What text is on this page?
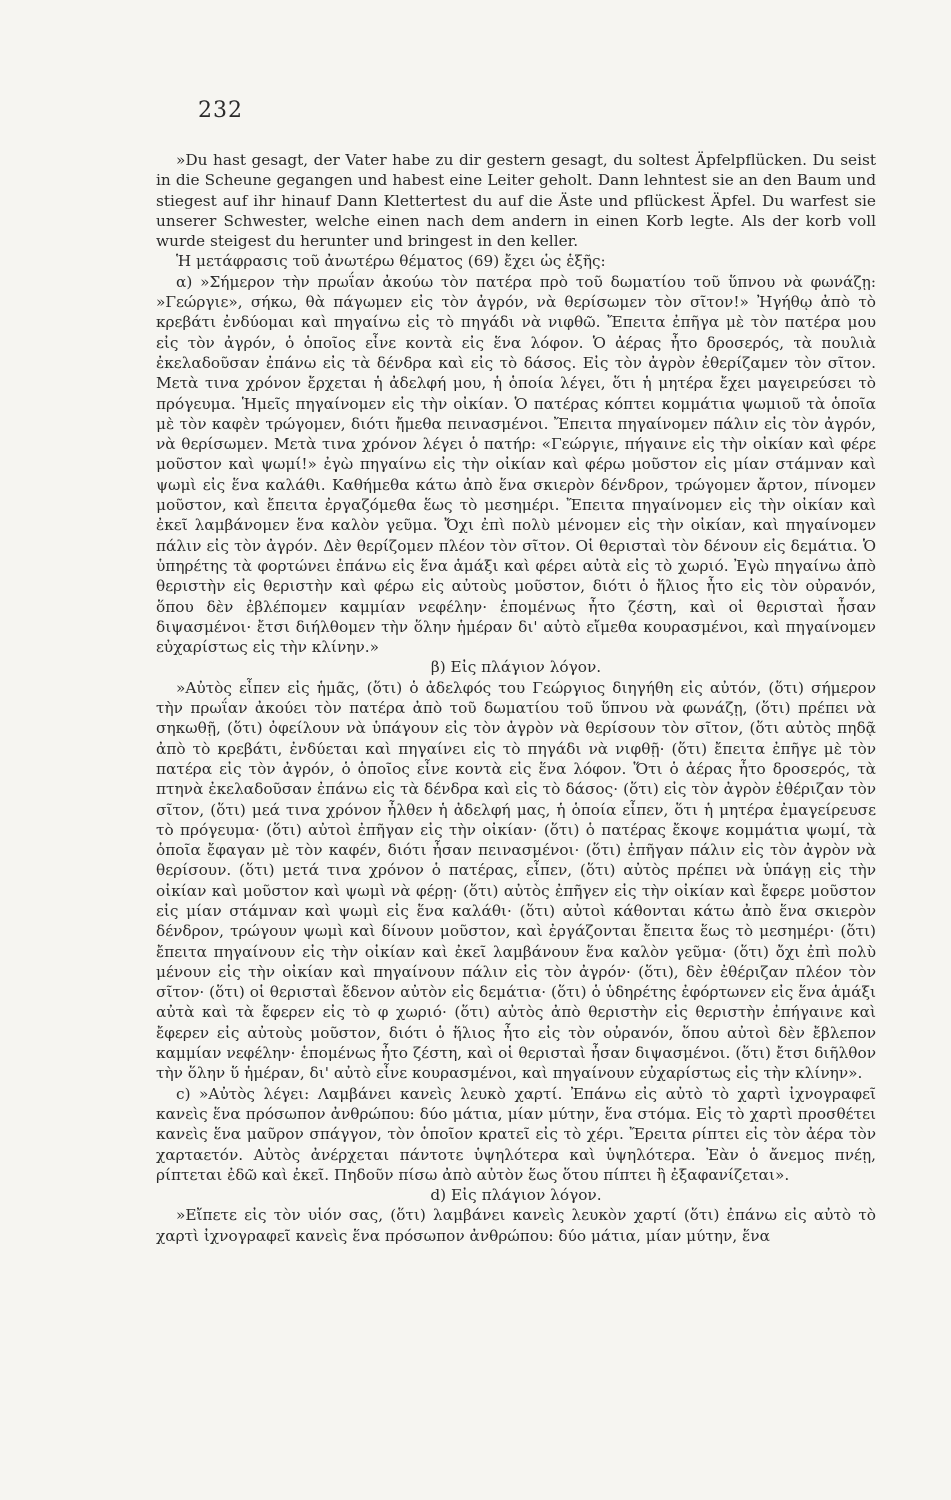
232

»Du hast gesagt, der Vater habe zu dir gestern gesagt, du soltest Äpfelpflücken. Du seist in die Scheune gegangen und habest eine Leiter geholt. Dann lehntest sie an den Baum und stiegest auf ihr hinauf Dann Klettertest du auf die Äste und pflückest Äpfel. Du warfest sie unserer Schwester, welche einen nach dem andern in einen Korb legte. Als der korb voll wurde steigest du herunter und bringest in den keller.

Ἡ μετάφρασις τοῦ ἀνωτέρω θέματος (69) ἔχει ὡς ἑξῆς:

α) »Σήμερον τὴν πρωΐαν ἀκούω τὸν πατέρα πρὸ τοῦ δωματίου τοῦ ὕπνου νὰ φωνάζῃ: »Γεώργιε», σήκω, θὰ πάγωμεν εἰς τὸν ἀγρόν, νὰ θερίσωμεν τὸν σῖτον!» Ἠγήθῳ ἀπὸ τὸ κρεβάτι ἐνδύομαι καὶ πηγαίνω εἰς τὸ πηγάδι νὰ νιφθῶ. Ἔπειτα ἐπῆγα μὲ τὸν πατέρα μου εἰς τὸν ἀγρόν, ὁ ὁποῖος εἶνε κοντὰ εἰς ἕνα λόφον. Ὁ ἀέρας ἦτο δροσερός, τὰ πουλιὰ ἐκελαδοῦσαν ἐπάνω εἰς τὰ δένδρα καὶ εἰς τὸ δάσος. Εἰς τὸν ἀγρὸν ἐθερίζαμεν τὸν σῖτον. Μετὰ τινα χρόνον ἔρχεται ἡ ἀδελφή μου, ἡ ὁποία λέγει, ὅτι ἡ μητέρα ἔχει μαγειρεύσει τὸ πρόγευμα. Ἡμεῖς πηγαίνομεν εἰς τὴν οἰκίαν. Ὁ πατέρας κόπτει κομμάτια ψωμιοῦ τὰ ὁποῖα μὲ τὸν καφὲν τρώγομεν, διότι ἤμεθα πεινασμένοι. Ἔπειτα πηγαίνομεν πάλιν εἰς τὸν ἀγρόν, νὰ θερίσωμεν. Μετὰ τινα χρόνον λέγει ὁ πατήρ: «Γεώργιε, πήγαινε εἰς τὴν οἰκίαν καὶ φέρε μοῦστον καὶ ψωμί!» ἐγὼ πηγαίνω εἰς τὴν οἰκίαν καὶ φέρω μοῦστον εἰς μίαν στάμναν καὶ ψωμὶ εἰς ἕνα καλάθι. Καθήμεθα κάτω ἀπὸ ἕνα σκιερὸν δένδρον, τρώγομεν ἄρτον, πίνομεν μοῦστον, καὶ ἔπειτα ἐργαζόμεθα ἕως τὸ μεσημέρι. Ἔπειτα πηγαίνομεν εἰς τὴν οἰκίαν καὶ ἐκεῖ λαμβάνομεν ἕνα καλὸν γεῦμα. Ὄχι ἐπὶ πολὺ μένομεν εἰς τὴν οἰκίαν, καὶ πηγαίνομεν πάλιν εἰς τὸν ἀγρόν. Δὲν θερίζομεν πλέον τὸν σῖτον. Οἱ θερισταὶ τὸν δένουν εἰς δεμάτια. Ὁ ὑπηρέτης τὰ φορτώνει ἐπάνω εἰς ἕνα ἁμάξι καὶ φέρει αὐτὰ εἰς τὸ χωριό. Ἐγὼ πηγαίνω ἀπὸ θεριστὴν εἰς θεριστὴν καὶ φέρω εἰς αὐτοὺς μοῦστον, διότι ὁ ἥλιος ἦτο εἰς τὸν οὐρανόν, ὅπου δὲν ἐβλέπομεν καμμίαν νεφέλην· ἑπομένως ἦτο ζέστη, καὶ οἱ θερισταὶ ἦσαν διψασμένοι· ἔτσι διήλθομεν τὴν ὅλην ἡμέραν δι' αὐτὸ εἴμεθα κουρασμένοι, καὶ πηγαίνομεν εὐχαρίστως εἰς τὴν κλίνην.»

β) Εἰς πλάγιον λόγον.

»Αὐτὸς εἶπεν εἰς ἡμᾶς, (ὅτι) ὁ ἀδελφός του Γεώργιος διηγήθη εἰς αὐτόν, (ὅτι) σήμερον τὴν πρωΐαν ἀκούει τὸν πατέρα ἀπὸ τοῦ δωματίου τοῦ ὕπνου νὰ φωνάζῃ, (ὅτι) πρέπει νὰ σηκωθῇ, (ὅτι) ὀφείλουν νὰ ὑπάγουν εἰς τὸν ἀγρὸν νὰ θερίσουν τὸν σῖτον, (ὅτι αὐτὸς πηδᾷ ἀπὸ τὸ κρεβάτι, ἐνδύεται καὶ πηγαίνει εἰς τὸ πηγάδι νὰ νιφθῇ· (ὅτι) ἔπειτα ἐπῆγε μὲ τὸν πατέρα εἰς τὸν ἀγρόν, ὁ ὁποῖος εἶνε κοντὰ εἰς ἕνα λόφον. Ὅτι ὁ ἀέρας ἦτο δροσερός, τὰ πτηνὰ ἐκελαδοῦσαν ἐπάνω εἰς τὰ δένδρα καὶ εἰς τὸ δάσος· (ὅτι) εἰς τὸν ἀγρὸν ἐθέριζαν τὸν σῖτον, (ὅτι) μεά τινα χρόνον ἦλθεν ἡ ἀδελφή μας, ἡ ὁποία εἶπεν, ὅτι ἡ μητέρα ἐμαγείρευσε τὸ πρόγευμα· (ὅτι) αὐτοὶ ἐπῆγαν εἰς τὴν οἰκίαν· (ὅτι) ὁ πατέρας ἔκοψε κομμάτια ψωμί, τὰ ὁποῖα ἔφαγαν μὲ τὸν καφέν, διότι ἦσαν πεινασμένοι· (ὅτι) ἐπῆγαν πάλιν εἰς τὸν ἀγρὸν νὰ θερίσουν. (ὅτι) μετά τινα χρόνον ὁ πατέρας, εἶπεν, (ὅτι) αὐτὸς πρέπει νὰ ὑπάγῃ εἰς τὴν οἰκίαν καὶ μοῦστον καὶ ψωμὶ νὰ φέρῃ· (ὅτι) αὐτὸς ἐπῆγεν εἰς τὴν οἰκίαν καὶ ἔφερε μοῦστον εἰς μίαν στάμναν καὶ ψωμὶ εἰς ἕνα καλάθι· (ὅτι) αὐτοὶ κάθονται κάτω ἀπὸ ἕνα σκιερὸν δένδρον, τρώγουν ψωμὶ καὶ δίνουν μοῦστον, καὶ ἐργάζονται ἔπειτα ἕως τὸ μεσημέρι· (ὅτι) ἔπειτα πηγαίνουν εἰς τὴν οἰκίαν καὶ ἐκεῖ λαμβάνουν ἕνα καλὸν γεῦμα· (ὅτι) ὄχι ἐπὶ πολὺ μένουν εἰς τὴν οἰκίαν καὶ πηγαίνουν πάλιν εἰς τὸν ἀγρόν· (ὅτι), δὲν ἐθέριζαν πλέον τὸν σῖτον· (ὅτι) οἱ θερισταὶ ἔδενον αὐτὸν εἰς δεμάτια· (ὅτι) ὁ ὑδηρέτης ἐφόρτωνεν εἰς ἕνα ἁμάξι αὐτὰ καὶ τὰ ἔφερεν εἰς τὸ φ χωριό· (ὅτι) αὐτὸς ἀπὸ θεριστὴν εἰς θεριστὴν ἐπήγαινε καὶ ἔφερεν εἰς αὐτοὺς μοῦστον, διότι ὁ ἥλιος ἦτο εἰς τὸν οὐρανόν, ὅπου αὐτοὶ δὲν ἔβλεπον καμμίαν νεφέλην· ἑπομένως ἦτο ζέστη, καὶ οἱ θερισταὶ ἦσαν διψασμένοι. (ὅτι) ἔτσι διῆλθον τὴν ὅλην ὕ ἡμέραν, δι' αὐτὸ εἶνε κουρασμένοι, καὶ πηγαίνουν εὐχαρίστως εἰς τὴν κλίνην».

c) »Αὐτὸς λέγει: Λαμβάνει κανεὶς λευκὸ χαρτί. Ἐπάνω εἰς αὐτὸ τὸ χαρτὶ ἰχνογραφεῖ κανεὶς ἕνα πρόσωπον ἀνθρώπου: δύο μάτια, μίαν μύτην, ἕνα στόμα. Εἰς τὸ χαρτὶ προσθέτει κανεὶς ἕνα μαῦρον σπάγγον, τὸν ὁποῖον κρατεῖ εἰς τὸ χέρι. Ἔρειτα ρίπτει εἰς τὸν ἀέρα τὸν χαρταετόν. Αὐτὸς ἀνέρχεται πάντοτε ὑψηλότερα καὶ ὑψηλότερα. Ἐὰν ὁ ἄνεμος πνέῃ, ρίπτεται ἐδῶ καὶ ἐκεῖ. Πηδοῦν πίσω ἀπὸ αὐτὸν ἕως ὅτου πίπτει ἢ ἐξαφανίζεται».

d) Εἰς πλάγιον λόγον.

»Εἴπετε εἰς τὸν υἱόν σας, (ὅτι) λαμβάνει κανεὶς λευκὸν χαρτί (ὅτι) ἐπάνω εἰς αὐτὸ τὸ χαρτὶ ἰχνογραφεῖ κανεὶς ἕνα πρόσωπον ἀνθρώπου: δύο μάτια, μίαν μύτην, ἕνα
